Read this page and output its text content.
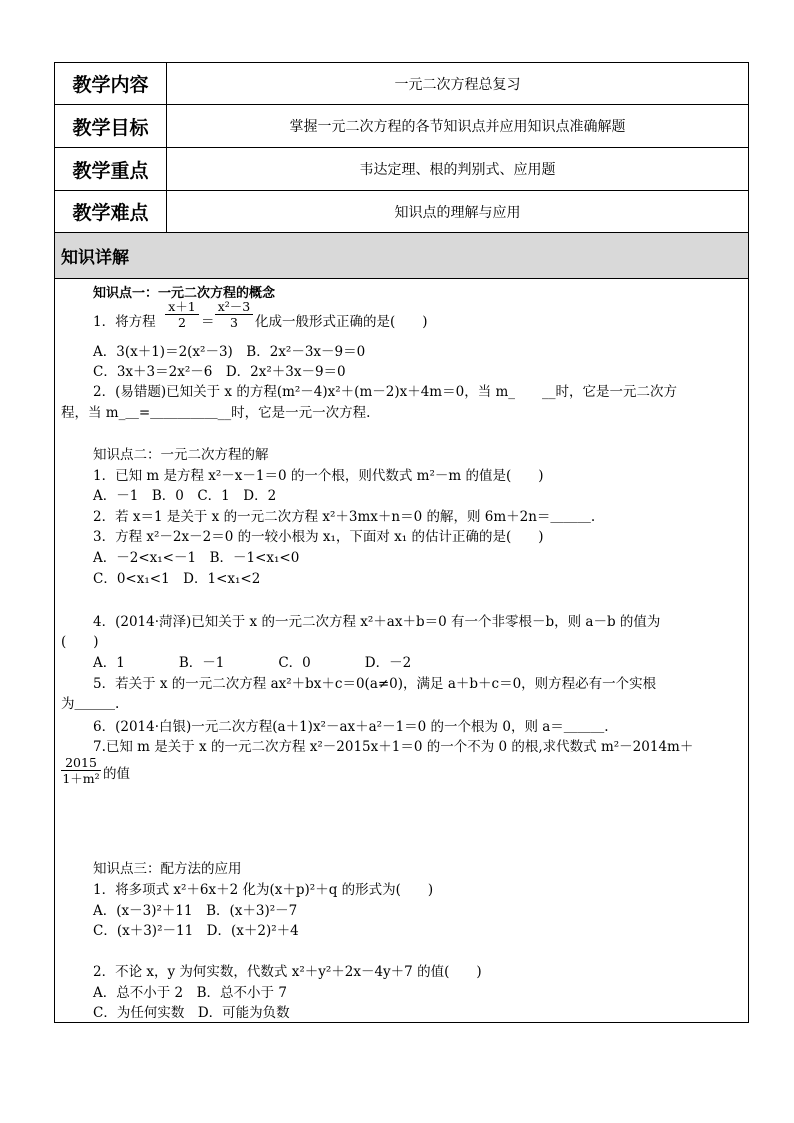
教学内容	一元二次方程总复习
教学目标	掌握一元二次方程的各节知识点并应用知识点准确解题
教学重点	韦达定理、根的判别式、应用题
教学难点	知识点的理解与应用
知识详解
知识点一：一元二次方程的概念
1．将方程 $\frac{x+1}{2} = \frac{\text{x²－3}}{3}$ 化成一般形式正确的是(　　)
A．3(x＋1)＝2(x²－3)　B．2x²－3x－9＝0
C．3x＋3＝2x²－6　D．2x²＋3x－9＝0
2．(易错题)已知关于 x 的方程(m²－4)x²＋(m－2)x＋4m＝0，当 m_　　__时，它是一元二次方
程，当 m_＿=＿＿＿＿＿__时，它是一元一次方程.
知识点二：一元二次方程的解
1．已知 m 是方程 x²－x－1＝0 的一个根，则代数式 m²－m 的值是(　　)
A．－1　B．0　C．1　D．2
2．若 x＝1 是关于 x 的一元二次方程 x²＋3mx＋n＝0 的解，则 6m＋2n＝＿＿＿.
3．方程 x²－2x－2＝0 的一较小根为 x₁，下面对 x₁ 的估计正确的是(　　)
A．－2<x₁<－1　B．－1<x₁<0
C．0<x₁<1　D．1<x₁<2
4．(2014·菏泽)已知关于 x 的一元二次方程 x²＋ax＋b＝0 有一个非零根－b，则 a－b 的值为
(　　)
A．1　　　　B．－1　　　　C．0　　　　D．－2
5．若关于 x 的一元二次方程 ax²＋bx＋c＝0(a≠0)，满足 a＋b＋c＝0，则方程必有一个实根
为＿＿＿.
6．(2014·白银)一元二次方程(a＋1)x²－ax＋a²－1＝0 的一个根为 0，则 a＝＿＿＿.
7.已知 m 是关于 x 的一元二次方程 x²－2015x＋1＝0 的一个不为 0 的根,求代数式 m²－2014m＋
$\frac{2015}{\text{1＋m²}}$ 的值
知识点三：配方法的应用
1．将多项式 x²＋6x＋2 化为(x＋p)²＋q 的形式为(　　)
A．(x－3)²＋11　B．(x＋3)²－7
C．(x＋3)²－11　D．(x＋2)²＋4
2．不论 x，y 为何实数，代数式 x²＋y²＋2x－4y＋7 的值(　　)
A．总不小于 2　B．总不小于 7
C．为任何实数　D．可能为负数
